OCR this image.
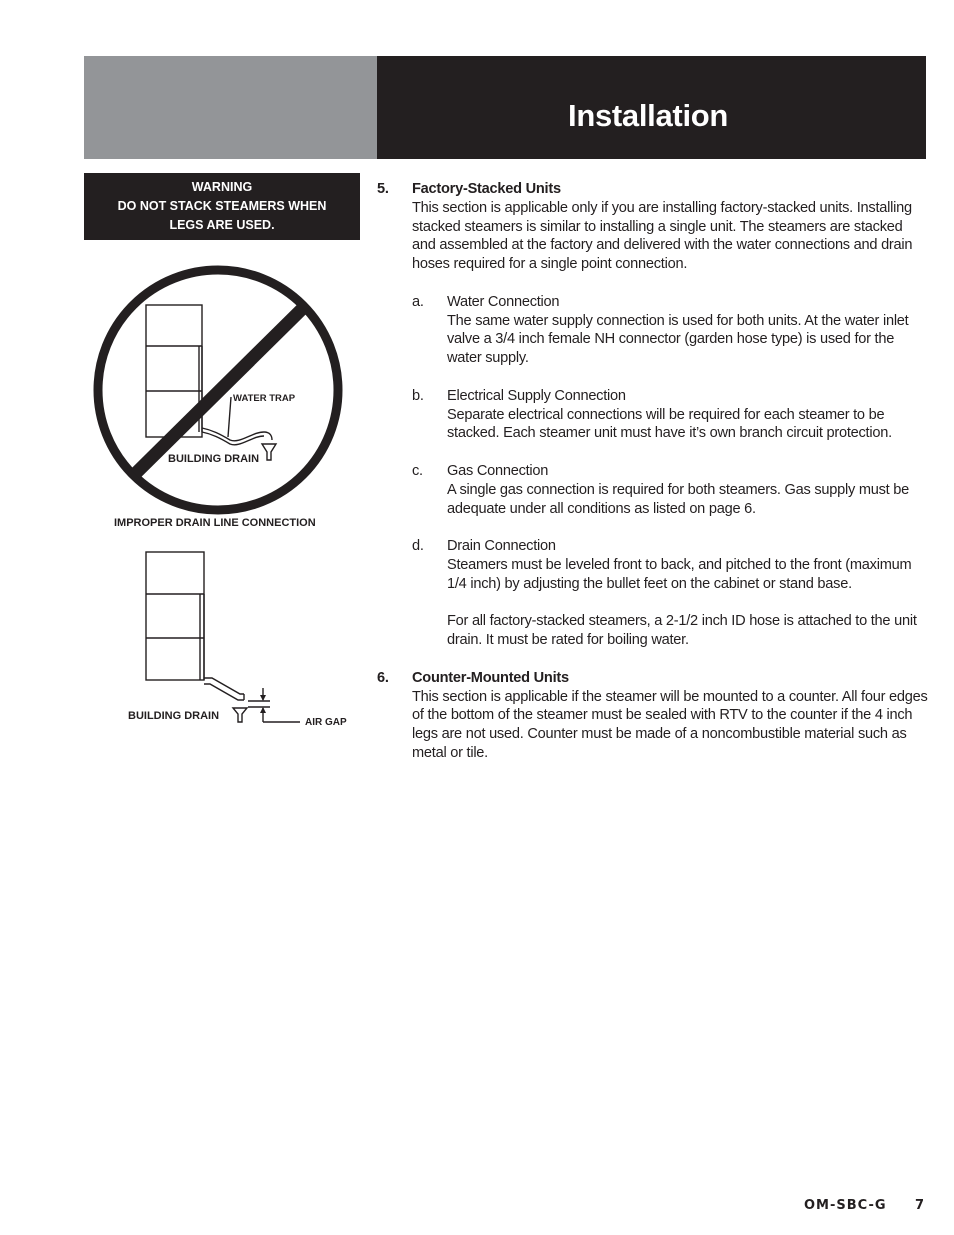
Installation
WARNING
DO NOT STACK STEAMERS WHEN
LEGS ARE USED.
WATER TRAP
BUILDING DRAIN
IMPROPER DRAIN LINE CONNECTION
BUILDING DRAIN
AIR GAP
5. Factory-Stacked Units

This section is applicable only if you are installing factory-stacked units. Installing stacked steamers is similar to installing a single unit. The steamers are stacked and assembled at the factory and delivered with the water connections and drain hoses required for a single point connection.

a. Water Connection

The same water supply connection is used for both units. At the water inlet valve a 3/4 inch female NH connector (garden hose type) is used for the water supply.

b. Electrical Supply Connection

Separate electrical connections will be required for each steamer to be stacked. Each steamer unit must have it’s own branch circuit protection.

c. Gas Connection

A single gas connection is required for both steamers. Gas supply must be adequate under all conditions as listed on page 6.

d. Drain Connection

Steamers must be leveled front to back, and pitched to the front (maximum 1/4 inch) by adjusting the bullet feet on the cabinet or stand base.

For all factory-stacked steamers, a 2-1/2 inch ID hose is attached to the unit drain. It must be rated for boiling water.

6. Counter-Mounted Units

This section is applicable if the steamer will be mounted to a counter. All four edges of the bottom of the steamer must be sealed with RTV to the counter if the 4 inch legs are not used. Counter must be made of a noncombustible material such as metal or tile.

OM-SBC-G 7
